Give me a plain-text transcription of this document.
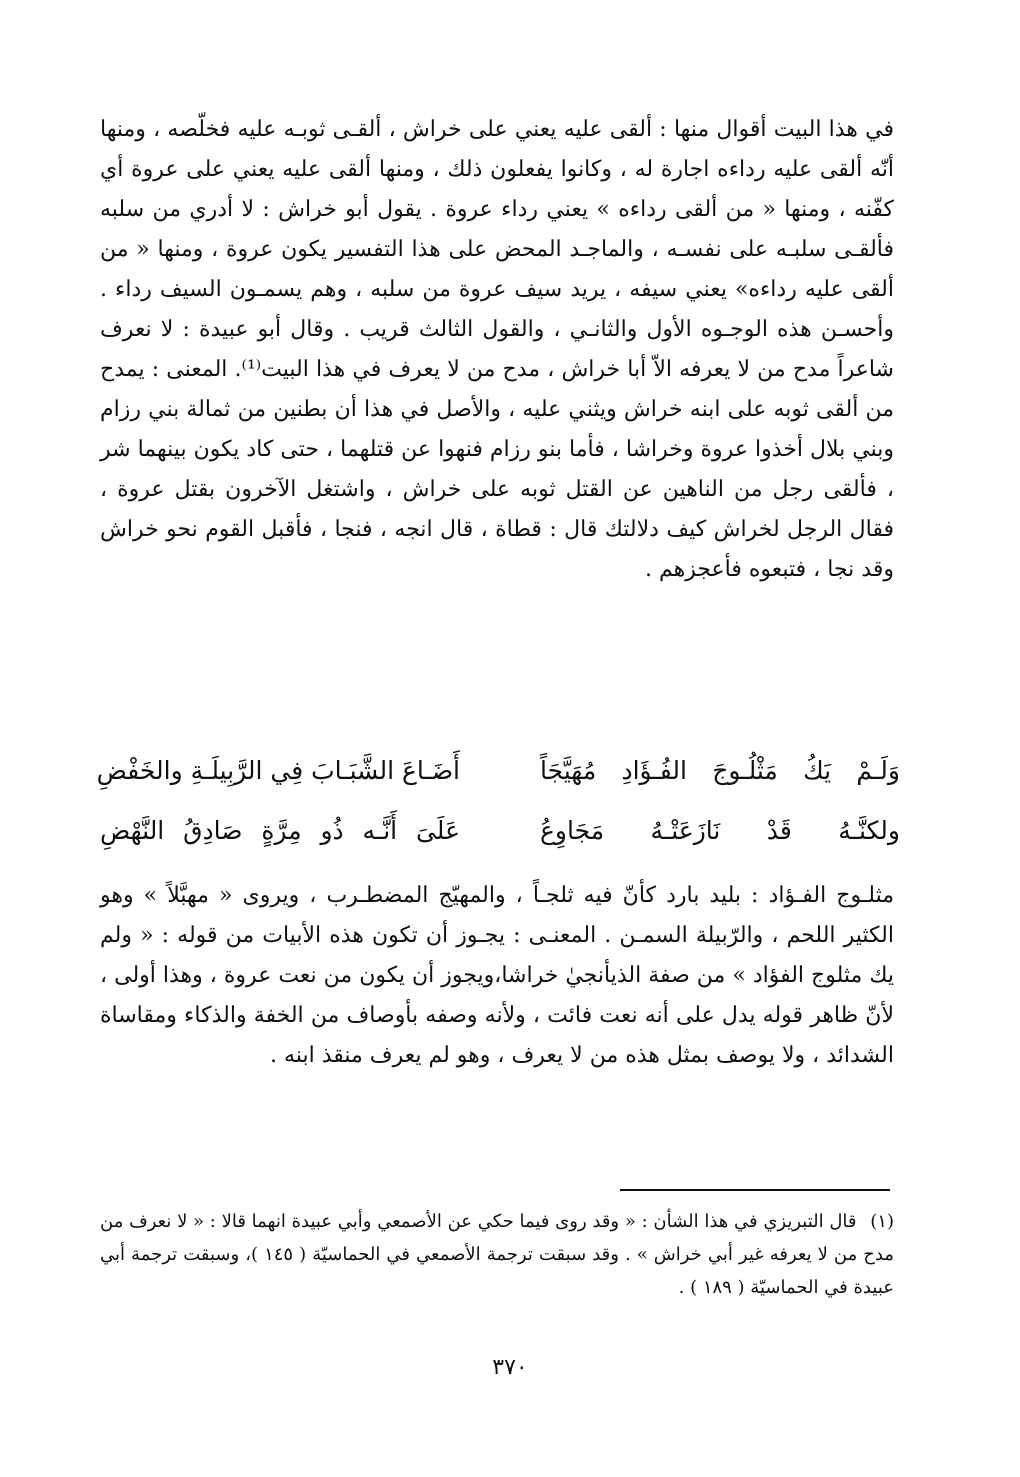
في هذا البيت أقوال منها : ألقى عليه يعني على خراش ، ألقـى ثوبـه عليه فخلّصه ، ومنها أنّه ألقى عليه رداءه اجارة له ، وكانوا يفعلون ذلك ، ومنها ألقى عليه يعني على عروة أي كفّنه ، ومنها « من ألقى رداءه » يعني رداء عروة . يقول أبو خراش : لا أدري من سلبه فألقـى سلبـه على نفسـه ، والماجـد المحض على هذا التفسير يكون عروة ، ومنها « من ألقى عليه رداءه» يعني سيفه ، يريد سيف عروة من سلبه ، وهم يسمـون السيف رداء . وأحسـن هذه الوجـوه الأول والثانـي ، والقول الثالث قريب . وقال أبو عبيدة : لا نعرف شاعراً مدح من لا يعرفه الاّ أبا خراش ، مدح من لا يعرف في هذا البيت⁽¹⁾. المعنى : يمدح من ألقى ثوبه على ابنه خراش ويثني عليه ، والأصل في هذا أن بطنين من ثمالة بني رزام وبني بلال أخذوا عروة وخراشا ، فأما بنو رزام فنهوا عن قتلهما ، حتى كاد يكون بينهما شر ، فألقى رجل من الناهين عن القتل ثوبه على خراش ، واشتغل الآخرون بقتل عروة ، فقال الرجل لخراش كيف دلالتك قال : قطاة ، قال انجه ، فنجا ، فأقبل القوم نحو خراش وقد نجا ، فتبعوه فأعجزهم .

وَلَـمْ يَكُ مَثْلُـوجَ الفُـؤَادِ مُهَيَّجَاً
أَضَـاعَ الشَّبَـابَ فِي الرَّبِيلَـةِ والخَفْضِ
ولكنَّـهُ قَدْ نَازَعَتْـهُ مَجَاوِعُ
عَلَىَ أَنَّـه ذُو مِرَّةٍ صَادِقُ النَّهْضِ

مثلـوج الفـؤاد : بليد بارد كأنّ فيه ثلجـاً ، والمهيّج المضطـرب ، ويروى « مهبَّلاً » وهو الكثير اللحم ، والرّبيلة السمـن . المعنـى : يجـوز أن تكون هذه الأبيات من قوله : « ولم يك مثلوج الفؤاد » من صفة الذيأنجيٰ خراشا،ويجوز أن يكون من نعت عروة ، وهذا أولى ، لأنّ ظاهر قوله يدل على أنه نعت فائت ، ولأنه وصفه بأوصاف من الخفة والذكاء ومقاساة الشدائد ، ولا يوصف بمثل هذه من لا يعرف ، وهو لم يعرف منقذ ابنه .

(١) قال التبريزي في هذا الشأن : « وقد روى فيما حكي عن الأصمعي وأبي عبيدة انهما قالا : « لا نعرف من مدح من لا يعرفه غير أبي خراش » . وقد سبقت ترجمة الأصمعي في الحماسيّة ( ١٤٥ )، وسبقت ترجمة أبي عبيدة في الحماسيّة ( ١٨٩ ) .

٣٧٠
